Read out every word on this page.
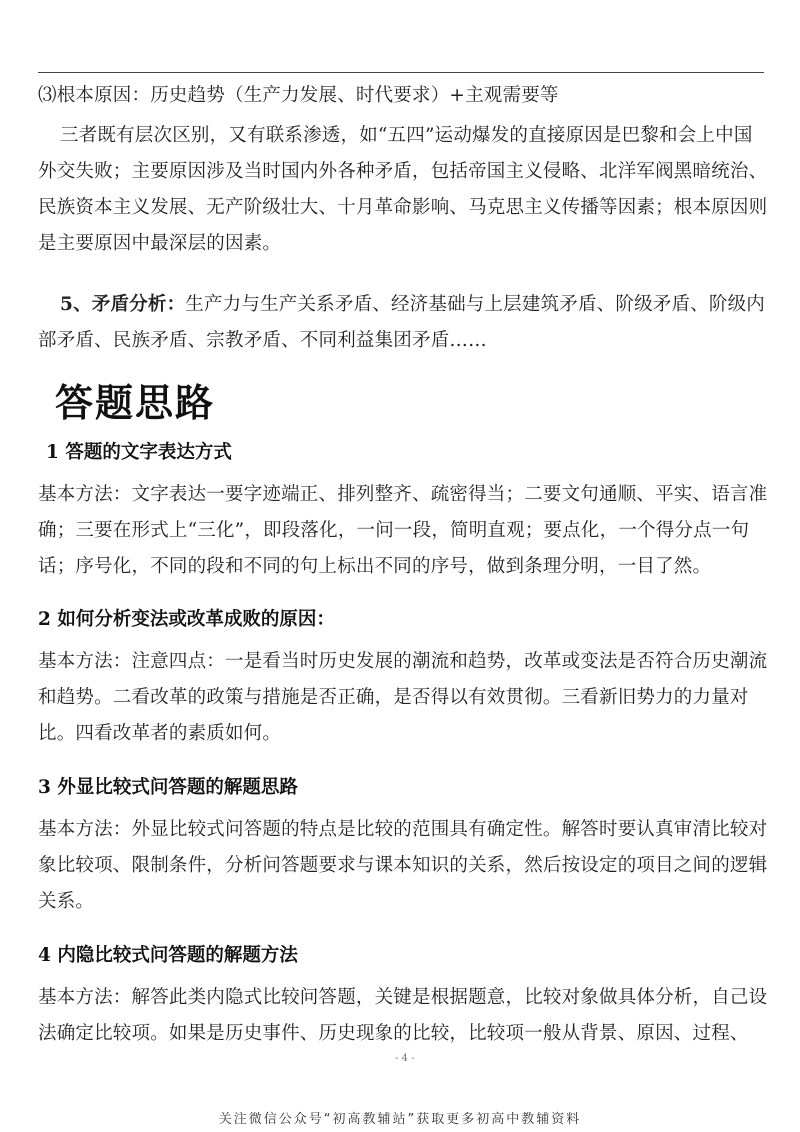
⑶根本原因：历史趋势（生产力发展、时代要求）+主观需要等
三者既有层次区别，又有联系渗透，如“五四”运动爆发的直接原因是巴黎和会上中国外交失败；主要原因涉及当时国内外各种矛盾，包括帝国主义侵略、北洋军阀黑暗统治、民族资本主义发展、无产阶级壮大、十月革命影响、马克思主义传播等因素；根本原因则是主要原因中最深层的因素。
5、矛盾分析：生产力与生产关系矛盾、经济基础与上层建筑矛盾、阶级矛盾、阶级内部矛盾、民族矛盾、宗教矛盾、不同利益集团矛盾……
答题思路
1 答题的文字表达方式
基本方法：文字表达一要字迹端正、排列整齐、疏密得当；二要文句通顺、平实、语言准确；三要在形式上“三化”，即段落化，一问一段，简明直观；要点化，一个得分点一句话；序号化，不同的段和不同的句上标出不同的序号，做到条理分明，一目了然。
2 如何分析变法或改革成败的原因：
基本方法：注意四点：一是看当时历史发展的潮流和趋势，改革或变法是否符合历史潮流和趋势。二看改革的政策与措施是否正确，是否得以有效贯彻。三看新旧势力的力量对比。四看改革者的素质如何。
3 外显比较式问答题的解题思路
基本方法：外显比较式问答题的特点是比较的范围具有确定性。解答时要认真审清比较对象比较项、限制条件，分析问答题要求与课本知识的关系，然后按设定的项目之间的逻辑关系。
4 内隐比较式问答题的解题方法
基本方法：解答此类内隐式比较问答题，关键是根据题意，比较对象做具体分析，自己设法确定比较项。如果是历史事件、历史现象的比较，比较项一般从背景、原因、过程、
- 4 -
关注微信公众号“初高教辅站”获取更多初高中教辅资料
